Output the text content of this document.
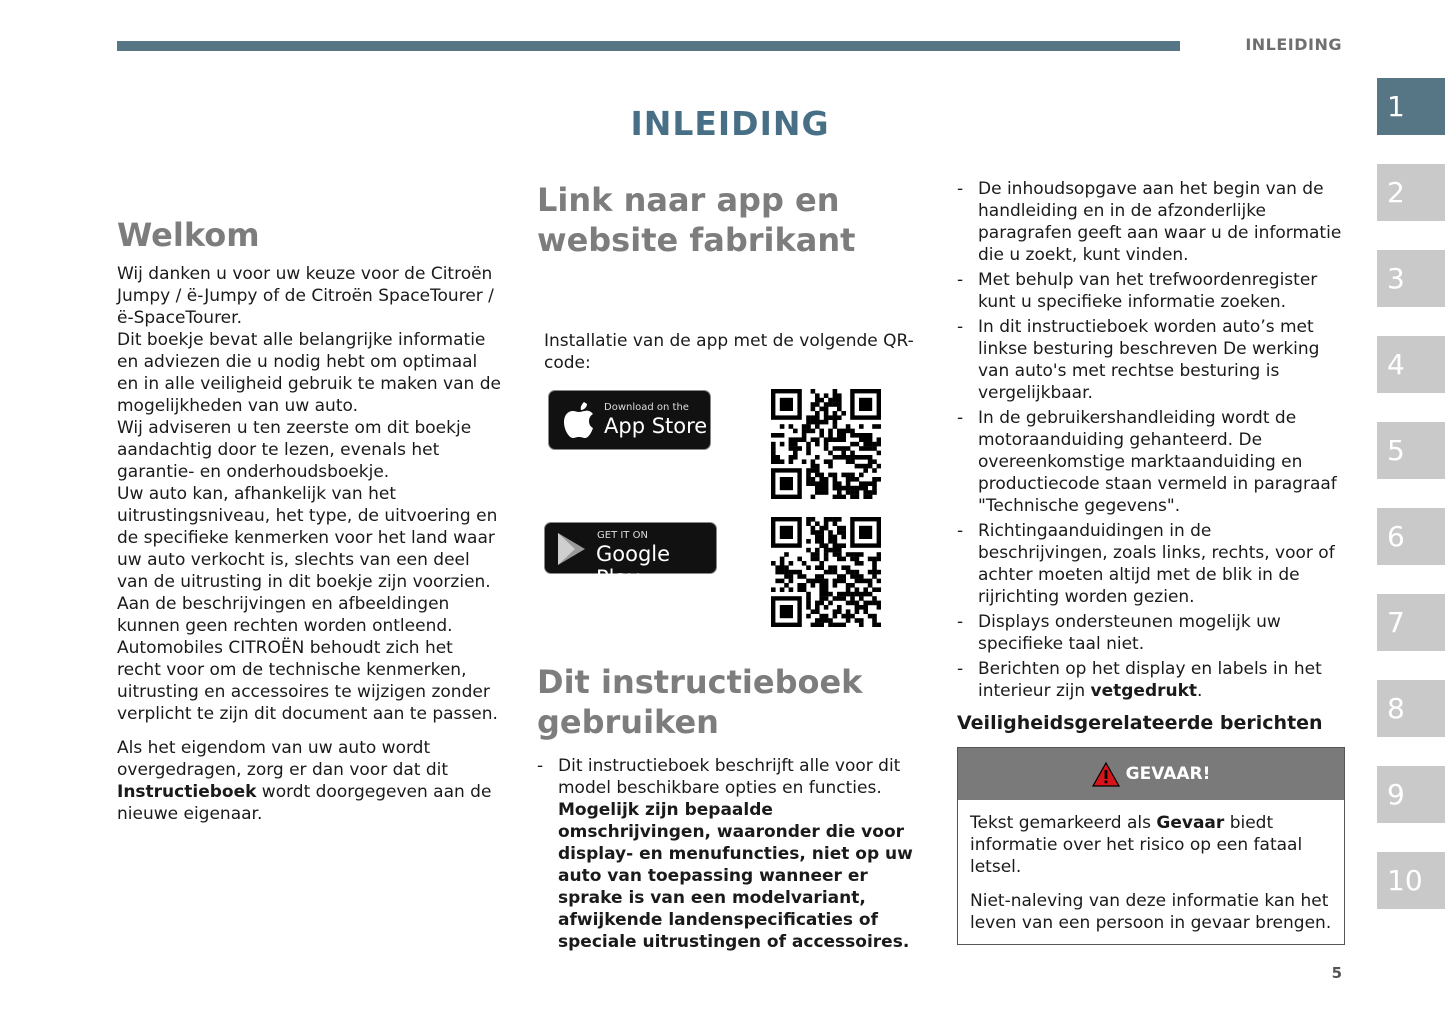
INLEIDING
INLEIDING	1
2
3
4
5
6
7
8
9
10
Welkom

Wij danken u voor uw keuze voor de Citroën Jumpy / ë-Jumpy of de Citroën SpaceTourer / ë-SpaceTourer.

Dit boekje bevat alle belangrijke informatie en adviezen die u nodig hebt om optimaal en in alle veiligheid gebruik te maken van de mogelijkheden van uw auto.

Wij adviseren u ten zeerste om dit boekje aandachtig door te lezen, evenals het garantie- en onderhoudsboekje.

Uw auto kan, afhankelijk van het uitrustingsniveau, het type, de uitvoering en de specifieke kenmerken voor het land waar uw auto verkocht is, slechts van een deel van de uitrusting in dit boekje zijn voorzien.

Aan de beschrijvingen en afbeeldingen kunnen geen rechten worden ontleend.

Automobiles CITROËN behoudt zich het recht voor om de technische kenmerken, uitrusting en accessoires te wijzigen zonder verplicht te zijn dit document aan te passen.

Als het eigendom van uw auto wordt overgedragen, zorg er dan voor dat dit Instructieboek wordt doorgegeven aan de nieuwe eigenaar.

Link naar app en website fabrikant

Installatie van de app met de volgende QR-code:

Download on the
App Store
GET IT ON
Google Play
Dit instructieboek gebruiken
- Dit instructieboek beschrijft alle voor dit model beschikbare opties en functies. Mogelijk zijn bepaalde omschrijvingen, waaronder die voor display- en menufuncties, niet op uw auto van toepassing wanneer er sprake is van een modelvariant, afwijkende landenspecificaties of speciale uitrustingen of accessoires.
- De inhoudsopgave aan het begin van de handleiding en in de afzonderlijke paragrafen geeft aan waar u de informatie die u zoekt, kunt vinden.
- Met behulp van het trefwoordenregister kunt u specifieke informatie zoeken.
- In dit instructieboek worden auto’s met linkse besturing beschreven De werking van auto's met rechtse besturing is vergelijkbaar.
- In de gebruikershandleiding wordt de motoraanduiding gehanteerd. De overeenkomstige marktaanduiding en productiecode staan vermeld in paragraaf "Technische gegevens".
- Richtingaanduidingen in de beschrijvingen, zoals links, rechts, voor of achter moeten altijd met de blik in de rijrichting worden gezien.
- Displays ondersteunen mogelijk uw specifieke taal niet.
- Berichten op het display en labels in het interieur zijn vetgedrukt.
Veiligheidsgerelateerde berichten
GEVAAR!

Tekst gemarkeerd als Gevaar biedt informatie over het risico op een fataal letsel.

Niet-naleving van deze informatie kan het leven van een persoon in gevaar brengen.

5
